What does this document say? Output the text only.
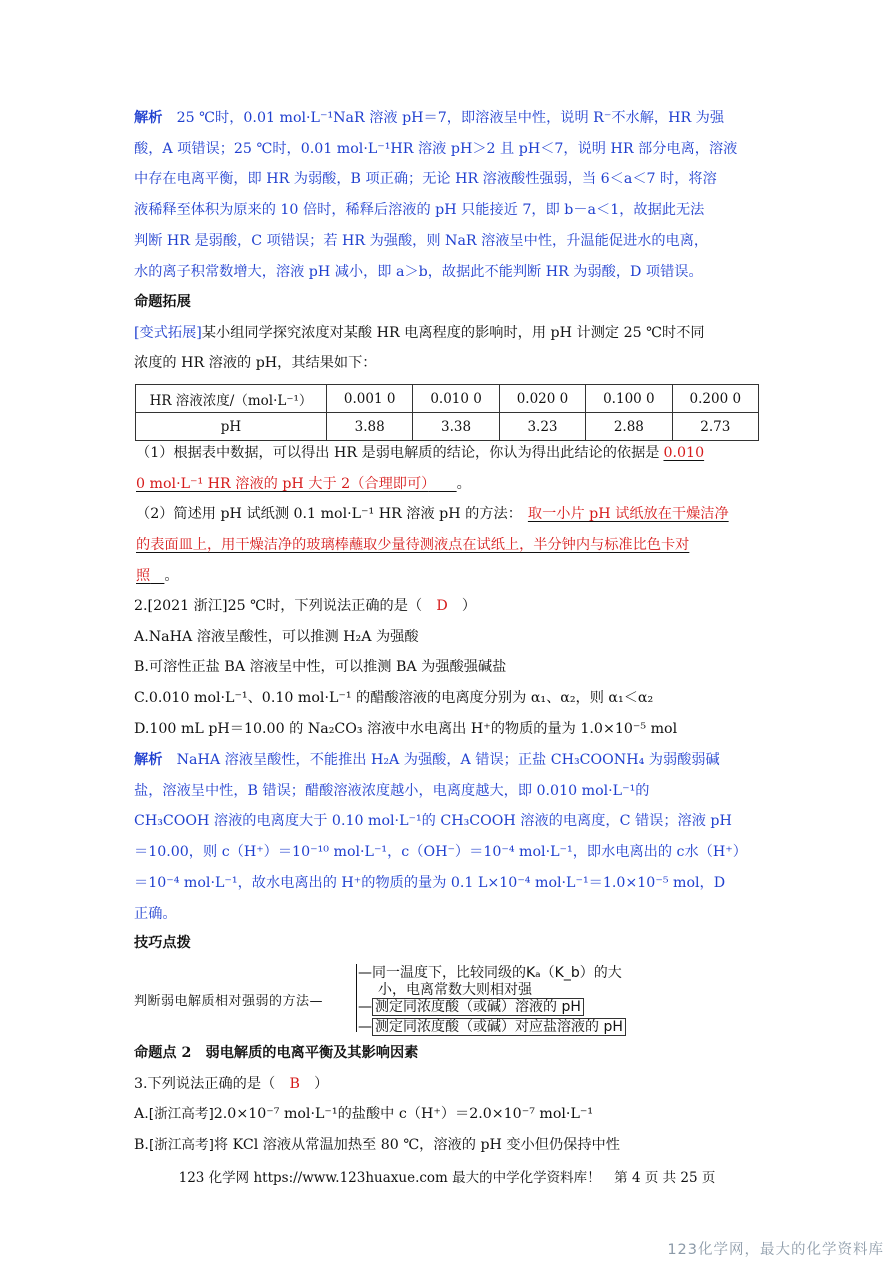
解析　 25 ℃时，0.01 mol·L⁻¹NaR 溶液 pH＝7，即溶液呈中性，说明 R⁻不水解，HR 为强
酸，A 项错误；25 ℃时，0.01 mol·L⁻¹HR 溶液 pH＞2 且 pH＜7，说明 HR 部分电离，溶液
中存在电离平衡，即 HR 为弱酸，B 项正确；无论 HR 溶液酸性强弱，当 6＜a＜7 时，将溶
液稀释至体积为原来的 10 倍时，稀释后溶液的 pH 只能接近 7，即 b－a＜1，故据此无法
判断 HR 是弱酸，C 项错误；若 HR 为强酸，则 NaR 溶液呈中性，升温能促进水的电离，
水的离子积常数增大，溶液 pH 减小，即 a＞b，故据此不能判断 HR 为弱酸，D 项错误。
命题拓展
[变式拓展]某小组同学探究浓度对某酸 HR 电离程度的影响时，用 pH 计测定 25 ℃时不同
浓度的 HR 溶液的 pH，其结果如下：
HR 溶液浓度/（mol·L⁻¹）	0.001 0	0.010 0	0.020 0	0.100 0	0.200 0
pH	3.88	3.38	3.23	2.88	2.73
（1）根据表中数据，可以得出 HR 是弱电解质的结论，你认为得出此结论的依据是 0.010
0 mol·L⁻¹ HR 溶液的 pH 大于 2（合理即可）　　 。
（2）简述用 pH 试纸测 0.1 mol·L⁻¹ HR 溶液 pH 的方法： 取一小片 pH 试纸放在干燥洁净
的表面皿上，用干燥洁净的玻璃棒蘸取少量待测液点在试纸上，半分钟内与标准比色卡对
照　 。
2.[2021 浙江]25 ℃时，下列说法正确的是（　 D　 ）
A.NaHA 溶液呈酸性，可以推测 H₂A 为强酸
B.可溶性正盐 BA 溶液呈中性，可以推测 BA 为强酸强碱盐
C.0.010 mol·L⁻¹、0.10 mol·L⁻¹ 的醋酸溶液的电离度分别为 α₁、α₂，则 α₁＜α₂
D.100 mL pH＝10.00 的 Na₂CO₃ 溶液中水电离出 H⁺的物质的量为 1.0×10⁻⁵ mol
解析　 NaHA 溶液呈酸性，不能推出 H₂A 为强酸，A 错误；正盐 CH₃COONH₄ 为弱酸弱碱
盐，溶液呈中性，B 错误；醋酸溶液浓度越小，电离度越大，即 0.010 mol·L⁻¹的
CH₃COOH 溶液的电离度大于 0.10 mol·L⁻¹的 CH₃COOH 溶液的电离度，C 错误；溶液 pH
＝10.00，则 c（H⁺）＝10⁻¹⁰ mol·L⁻¹，c（OH⁻）＝10⁻⁴ mol·L⁻¹，即水电离出的 c水（H⁺）
＝10⁻⁴ mol·L⁻¹，故水电离出的 H⁺的物质的量为 0.1 L×10⁻⁴ mol·L⁻¹＝1.0×10⁻⁵ mol，D
正确。
技巧点拨
判断弱电解质相对强弱的方法—
—同一温度下，比较同级的Kₐ（K_b）的大
小，电离常数大则相对强
— 测定同浓度酸（或碱）溶液的 pH
— 测定同浓度酸（或碱）对应盐溶液的 pH
命题点 2　弱电解质的电离平衡及其影响因素
3.下列说法正确的是（　 B　 ）
A.[浙江高考]2.0×10⁻⁷ mol·L⁻¹的盐酸中 c（H⁺）＝2.0×10⁻⁷ mol·L⁻¹
B.[浙江高考]将 KCl 溶液从常温加热至 80 ℃，溶液的 pH 变小但仍保持中性
123 化学网 https://www.123huaxue.com 最大的中学化学资料库！　第 4 页 共 25 页
123化学网，最大的化学资料库
